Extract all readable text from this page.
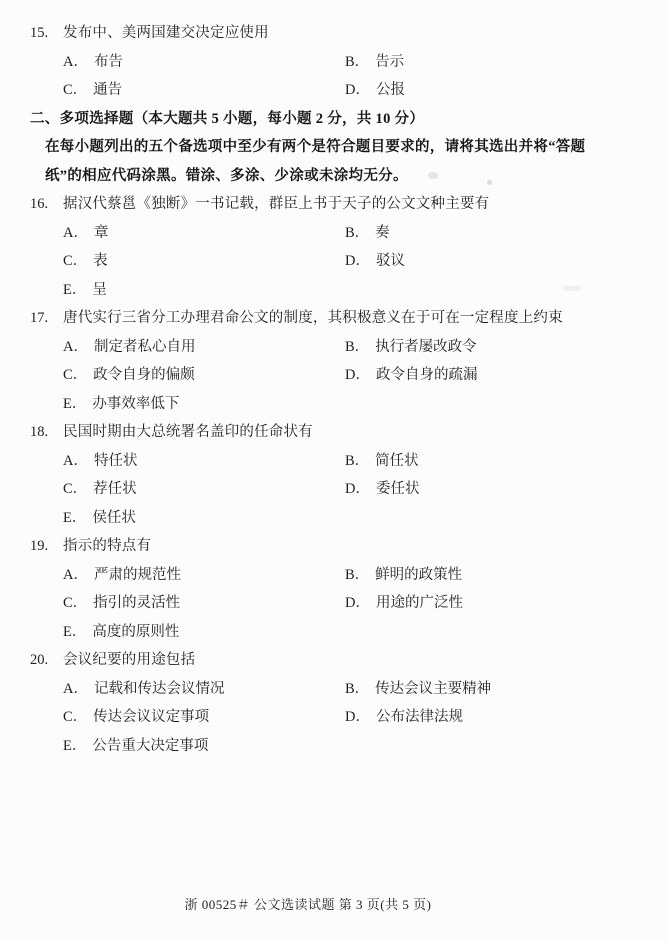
15.	发布中、美两国建交决定应使用
A． 布告	B． 告示
C． 通告	D． 公报
二、多项选择题（本大题共 5 小题，每小题 2 分，共 10 分）
在每小题列出的五个备选项中至少有两个是符合题目要求的，请将其选出并将“答题纸”的相应代码涂黑。错涂、多涂、少涂或未涂均无分。
16.	据汉代蔡邕《独断》一书记载，群臣上书于天子的公文文种主要有
A． 章	B． 奏
C． 表	D． 驳议
E． 呈
17.	唐代实行三省分工办理君命公文的制度，其积极意义在于可在一定程度上约束
A． 制定者私心自用	B． 执行者屡改政令
C． 政令自身的偏颇	D． 政令自身的疏漏
E． 办事效率低下
18.	民国时期由大总统署名盖印的任命状有
A． 特任状	B． 简任状
C． 荐任状	D． 委任状
E． 侯任状
19.	指示的特点有
A． 严肃的规范性	B． 鲜明的政策性
C． 指引的灵活性	D． 用途的广泛性
E． 高度的原则性
20.	会议纪要的用途包括
A． 记载和传达会议情况	B． 传达会议主要精神
C． 传达会议议定事项	D． 公布法律法规
E． 公告重大决定事项
浙 00525＃ 公文选读试题 第 3 页(共 5 页)
